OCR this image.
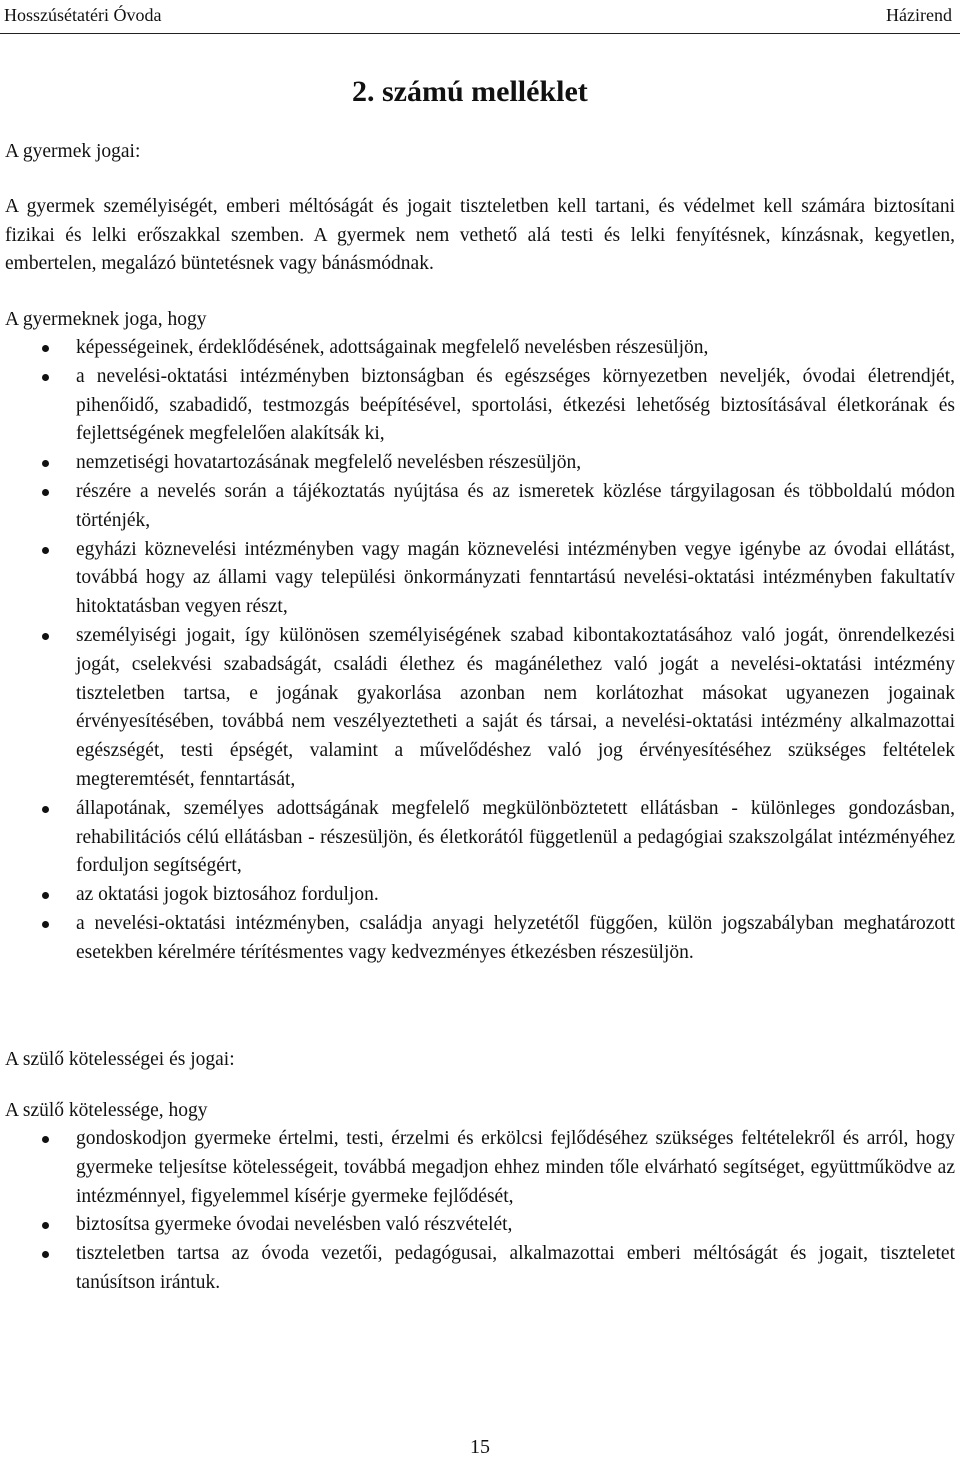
Hosszúsétatéri Óvoda	Házirend
2. számú melléklet
A gyermek jogai:

A gyermek személyiségét, emberi méltóságát és jogait tiszteletben kell tartani, és védelmet kell számára biztosítani fizikai és lelki erőszakkal szemben. A gyermek nem vethető alá testi és lelki fenyítésnek, kínzásnak, kegyetlen, embertelen, megalázó büntetésnek vagy bánásmódnak.

A gyermeknek joga, hogy
képességeinek, érdeklődésének, adottságainak megfelelő nevelésben részesüljön,
a nevelési-oktatási intézményben biztonságban és egészséges környezetben neveljék, óvodai életrendjét, pihenőidő, szabadidő, testmozgás beépítésével, sportolási, étkezési lehetőség biztosításával életkorának és fejlettségének megfelelően alakítsák ki,
nemzetiségi hovatartozásának megfelelő nevelésben részesüljön,
részére a nevelés során a tájékoztatás nyújtása és az ismeretek közlése tárgyilagosan és többoldalú módon történjék,
egyházi köznevelési intézményben vagy magán köznevelési intézményben vegye igénybe az óvodai ellátást, továbbá hogy az állami vagy települési önkormányzati fenntartású nevelési-oktatási intézményben fakultatív hitoktatásban vegyen részt,
személyiségi jogait, így különösen személyiségének szabad kibontakoztatásához való jogát, önrendelkezési jogát, cselekvési szabadságát, családi élethez és magánélethez való jogát a nevelési-oktatási intézmény tiszteletben tartsa, e jogának gyakorlása azonban nem korlátozhat másokat ugyanezen jogainak érvényesítésében, továbbá nem veszélyeztetheti a saját és társai, a nevelési-oktatási intézmény alkalmazottai egészségét, testi épségét, valamint a művelődéshez való jog érvényesítéséhez szükséges feltételek megteremtését, fenntartását,
állapotának, személyes adottságának megfelelő megkülönböztetett ellátásban - különleges gondozásban, rehabilitációs célú ellátásban - részesüljön, és életkorától függetlenül a pedagógiai szakszolgálat intézményéhez forduljon segítségért,
az oktatási jogok biztosához forduljon.
a nevelési-oktatási intézményben, családja anyagi helyzetétől függően, külön jogszabályban meghatározott esetekben kérelmére térítésmentes vagy kedvezményes étkezésben részesüljön.
A szülő kötelességei és jogai:
A szülő kötelessége, hogy
gondoskodjon gyermeke értelmi, testi, érzelmi és erkölcsi fejlődéséhez szükséges feltételekről és arról, hogy gyermeke teljesítse kötelességeit, továbbá megadjon ehhez minden tőle elvárható segítséget, együttműködve az intézménnyel, figyelemmel kísérje gyermeke fejlődését,
biztosítsa gyermeke óvodai nevelésben való részvételét,
tiszteletben tartsa az óvoda vezetői, pedagógusai, alkalmazottai emberi méltóságát és jogait, tiszteletet tanúsítson irántuk.
15
